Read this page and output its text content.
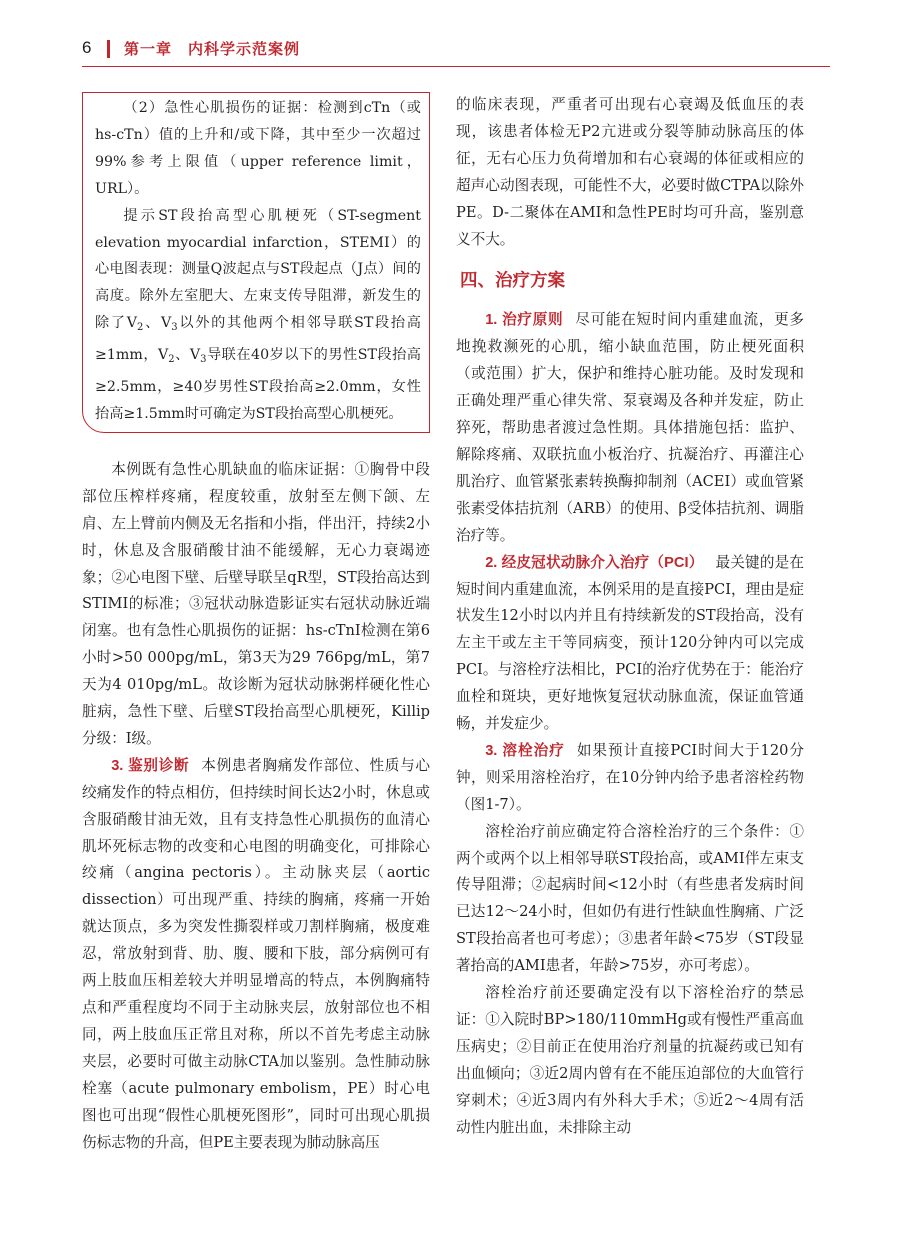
6 第一章　内科学示范案例

（2）急性心肌损伤的证据：检测到cTn（或hs-cTn）值的上升和/或下降，其中至少一次超过99%参考上限值（upper reference limit，URL）。

提示ST段抬高型心肌梗死（ST-segment elevation myocardial infarction，STEMI）的心电图表现：测量Q波起点与ST段起点（J点）间的高度。除外左室肥大、左束支传导阻滞，新发生的除了$V_2$、$V_3$以外的其他两个相邻导联ST段抬高≥1mm，$V_2$、$V_3$导联在40岁以下的男性ST段抬高≥2.5mm，≥40岁男性ST段抬高≥2.0mm，女性抬高≥1.5mm时可确定为ST段抬高型心肌梗死。

本例既有急性心肌缺血的临床证据：①胸骨中段部位压榨样疼痛，程度较重，放射至左侧下颌、左肩、左上臂前内侧及无名指和小指，伴出汗，持续2小时，休息及含服硝酸甘油不能缓解，无心力衰竭迹象；②心电图下壁、后壁导联呈qR型，ST段抬高达到STIMI的标准；③冠状动脉造影证实右冠状动脉近端闭塞。也有急性心肌损伤的证据：hs-cTnI检测在第6小时>50 000pg/mL，第3天为29 766pg/mL，第7天为4 010pg/mL。故诊断为冠状动脉粥样硬化性心脏病，急性下壁、后壁ST段抬高型心肌梗死，Killip分级：Ⅰ级。

3. 鉴别诊断 本例患者胸痛发作部位、性质与心绞痛发作的特点相仿，但持续时间长达2小时，休息或含服硝酸甘油无效，且有支持急性心肌损伤的血清心肌坏死标志物的改变和心电图的明确变化，可排除心绞痛（angina pectoris）。主动脉夹层（aortic dissection）可出现严重、持续的胸痛，疼痛一开始就达顶点，多为突发性撕裂样或刀割样胸痛，极度难忍，常放射到背、肋、腹、腰和下肢，部分病例可有两上肢血压相差较大并明显增高的特点，本例胸痛特点和严重程度均不同于主动脉夹层，放射部位也不相同，两上肢血压正常且对称，所以不首先考虑主动脉夹层，必要时可做主动脉CTA加以鉴别。急性肺动脉栓塞（acute pulmonary embolism，PE）时心电图也可出现“假性心肌梗死图形”，同时可出现心肌损伤标志物的升高，但PE主要表现为肺动脉高压

的临床表现，严重者可出现右心衰竭及低血压的表现，该患者体检无P2亢进或分裂等肺动脉高压的体征，无右心压力负荷增加和右心衰竭的体征或相应的超声心动图表现，可能性不大，必要时做CTPA以除外PE。D-二聚体在AMI和急性PE时均可升高，鉴别意义不大。

四、治疗方案

1. 治疗原则 尽可能在短时间内重建血流，更多地挽救濒死的心肌，缩小缺血范围，防止梗死面积（或范围）扩大，保护和维持心脏功能。及时发现和正确处理严重心律失常、泵衰竭及各种并发症，防止猝死，帮助患者渡过急性期。具体措施包括：监护、解除疼痛、双联抗血小板治疗、抗凝治疗、再灌注心肌治疗、血管紧张素转换酶抑制剂（ACEI）或血管紧张素受体拮抗剂（ARB）的使用、β受体拮抗剂、调脂治疗等。

2. 经皮冠状动脉介入治疗（PCI） 最关键的是在短时间内重建血流，本例采用的是直接PCI，理由是症状发生12小时以内并且有持续新发的ST段抬高，没有左主干或左主干等同病变，预计120分钟内可以完成PCI。与溶栓疗法相比，PCI的治疗优势在于：能治疗血栓和斑块，更好地恢复冠状动脉血流，保证血管通畅，并发症少。

3. 溶栓治疗 如果预计直接PCI时间大于120分钟，则采用溶栓治疗，在10分钟内给予患者溶栓药物（图1-7）。

溶栓治疗前应确定符合溶栓治疗的三个条件：①两个或两个以上相邻导联ST段抬高，或AMI伴左束支传导阻滞；②起病时间<12小时（有些患者发病时间已达12～24小时，但如仍有进行性缺血性胸痛、广泛ST段抬高者也可考虑）；③患者年龄<75岁（ST段显著抬高的AMI患者，年龄>75岁，亦可考虑）。

溶栓治疗前还要确定没有以下溶栓治疗的禁忌证：①入院时BP>180/110mmHg或有慢性严重高血压病史；②目前正在使用治疗剂量的抗凝药或已知有出血倾向；③近2周内曾有在不能压迫部位的大血管行穿刺术；④近3周内有外科大手术；⑤近2～4周有活动性内脏出血，未排除主动
